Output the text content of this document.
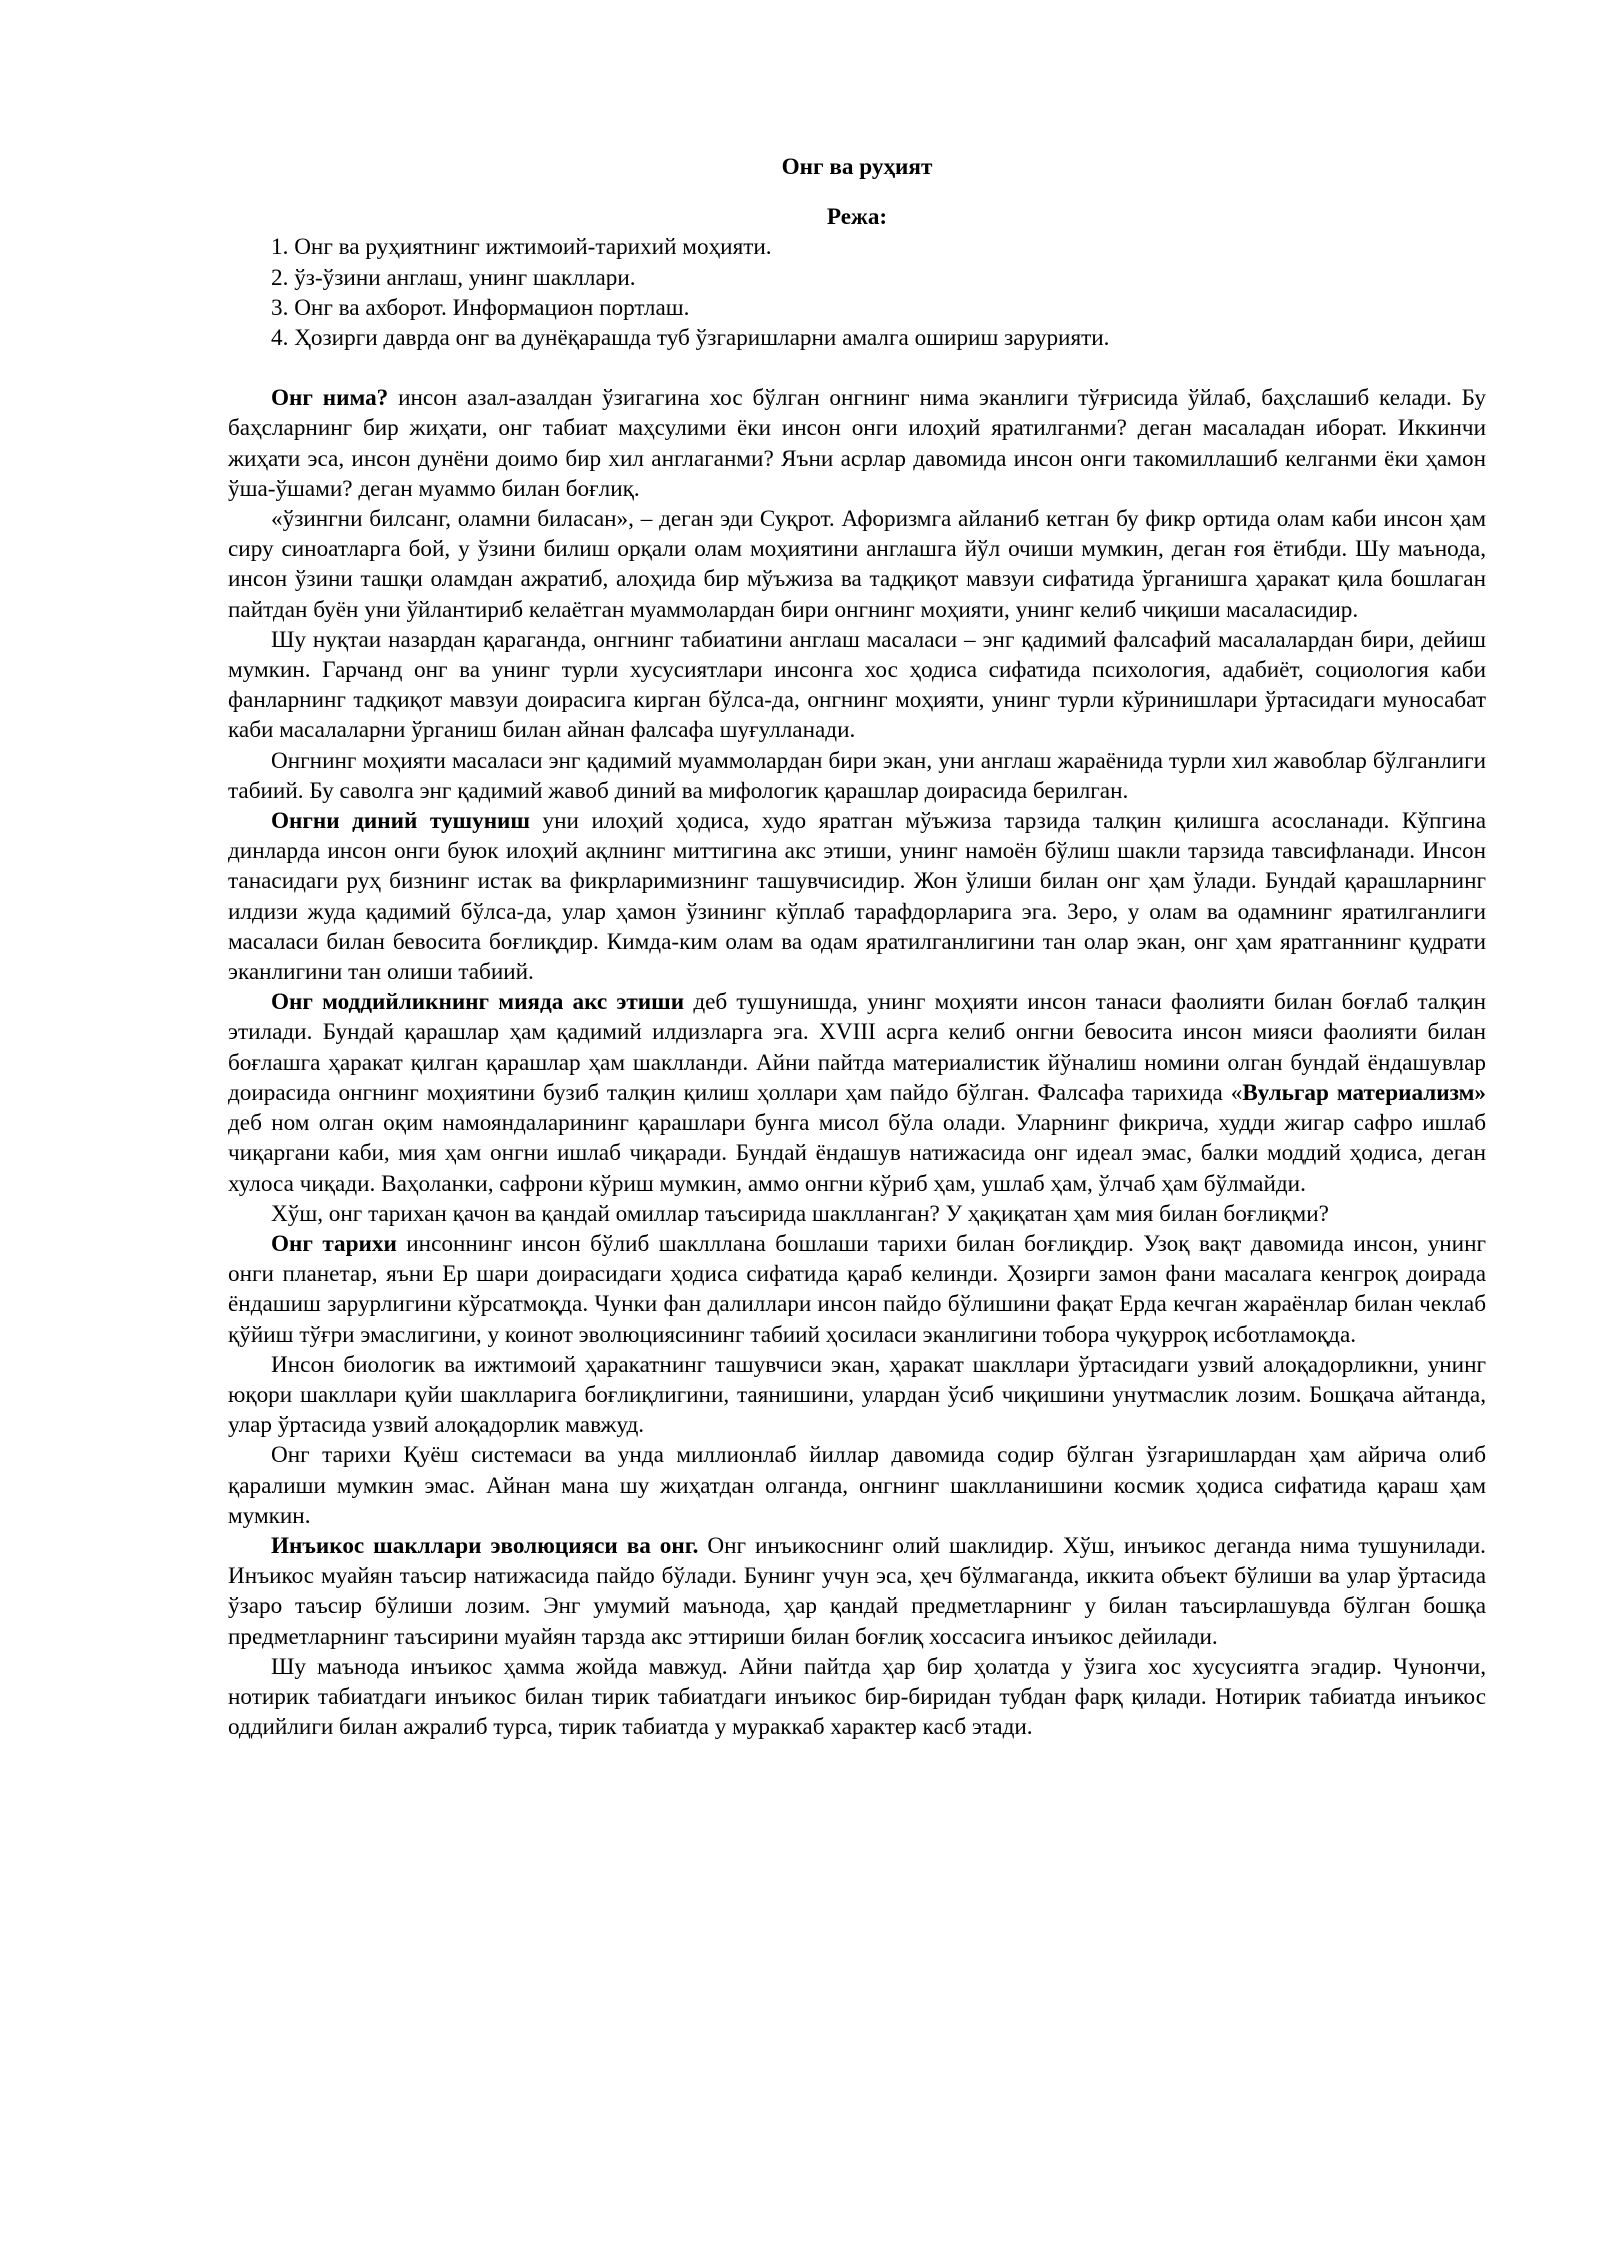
Онг ва руҳият

Режа:

1. Онг ва руҳиятнинг ижтимоий-тарихий моҳияти.
2. ўз-ўзини англаш, унинг шакллари.
3. Онг ва ахборот. Информацион портлаш.
4. Ҳозирги даврда онг ва дунёқарашда туб ўзгаришларни амалга ошириш зарурияти.

Онг нима? инсон азал-азалдан ўзигагина хос бўлган онгнинг нима эканлиги тўғрисида ўйлаб, баҳслашиб келади. Бу баҳсларнинг бир жиҳати, онг табиат маҳсулими ёки инсон онги илоҳий яратилганми? деган масаладан иборат. Иккинчи жиҳати эса, инсон дунёни доимо бир хил англаганми? Яъни асрлар давомида инсон онги такомиллашиб келганми ёки ҳамон ўша-ўшами? деган муаммо билан боғлиқ.

«ўзингни билсанг, оламни биласан», – деган эди Суқрот. Афоризмга айланиб кетган бу фикр ортида олам каби инсон ҳам сиру синоатларга бой, у ўзини билиш орқали олам моҳиятини англашга йўл очиши мумкин, деган ғоя ётибди. Шу маънода, инсон ўзини ташқи оламдан ажратиб, алоҳида бир мўъжиза ва тадқиқот мавзуи сифатида ўрганишга ҳаракат қила бошлаган пайтдан буён уни ўйлантириб келаётган муаммолардан бири онгнинг моҳияти, унинг келиб чиқиши масаласидир.

Шу нуқтаи назардан қараганда, онгнинг табиатини англаш масаласи – энг қадимий фалсафий масалалардан бири, дейиш мумкин. Гарчанд онг ва унинг турли хусусиятлари инсонга хос ҳодиса сифатида психология, адабиёт, социология каби фанларнинг тадқиқот мавзуи доирасига кирган бўлса-да, онгнинг моҳияти, унинг турли кўринишлари ўртасидаги муносабат каби масалаларни ўрганиш билан айнан фалсафа шуғулланади.

Онгнинг моҳияти масаласи энг қадимий муаммолардан бири экан, уни англаш жараёнида турли хил жавоблар бўлганлиги табиий. Бу саволга энг қадимий жавоб диний ва мифологик қарашлар доирасида берилган.

Онгни диний тушуниш уни илоҳий ҳодиса, худо яратган мўъжиза тарзида талқин қилишга асосланади. Кўпгина динларда инсон онги буюк илоҳий ақлнинг миттигина акс этиши, унинг намоён бўлиш шакли тарзида тавсифланади. Инсон танасидаги руҳ бизнинг истак ва фикрларимизнинг ташувчисидир. Жон ўлиши билан онг ҳам ўлади. Бундай қарашларнинг илдизи жуда қадимий бўлса-да, улар ҳамон ўзининг кўплаб тарафдорларига эга. Зеро, у олам ва одамнинг яратилганлиги масаласи билан бевосита боғлиқдир. Кимда-ким олам ва одам яратилганлигини тан олар экан, онг ҳам яратганнинг қудрати эканлигини тан олиши табиий.

Онг моддийликнинг мияда акс этиши деб тушунишда, унинг моҳияти инсон танаси фаолияти билан боғлаб талқин этилади. Бундай қарашлар ҳам қадимий илдизларга эга. XVIII асрга келиб онгни бевосита инсон мияси фаолияти билан боғлашга ҳаракат қилган қарашлар ҳам шаклланди. Айни пайтда материалистик йўналиш номини олган бундай ёндашувлар доирасида онгнинг моҳиятини бузиб талқин қилиш ҳоллари ҳам пайдо бўлган. Фалсафа тарихида «Вульгар материализм» деб ном олган оқим намояндаларининг қарашлари бунга мисол бўла олади. Уларнинг фикрича, худди жигар сафро ишлаб чиқаргани каби, мия ҳам онгни ишлаб чиқаради. Бундай ёндашув натижасида онг идеал эмас, балки моддий ҳодиса, деган хулоса чиқади. Ваҳоланки, сафрони кўриш мумкин, аммо онгни кўриб ҳам, ушлаб ҳам, ўлчаб ҳам бўлмайди.

Хўш, онг тарихан қачон ва қандай омиллар таъсирида шаклланган? У ҳақиқатан ҳам мия билан боғлиқми?

Онг тарихи инсоннинг инсон бўлиб шаклллана бошлаши тарихи билан боғлиқдир. Узоқ вақт давомида инсон, унинг онги планетар, яъни Ер шари доирасидаги ҳодиса сифатида қараб келинди. Ҳозирги замон фани масалага кенгроқ доирада ёндашиш зарурлигини кўрсатмоқда. Чунки фан далиллари инсон пайдо бўлишини фақат Ерда кечган жараёнлар билан чеклаб қўйиш тўғри эмаслигини, у коинот эволюциясининг табиий ҳосиласи эканлигини тобора чуқурроқ исботламоқда.

Инсон биологик ва ижтимоий ҳаракатнинг ташувчиси экан, ҳаракат шакллари ўртасидаги узвий алоқадорликни, унинг юқори шакллари қуйи шаклларига боғлиқлигини, таянишини, улардан ўсиб чиқишини унутмаслик лозим. Бошқача айтанда, улар ўртасида узвий алоқадорлик мавжуд.

Онг тарихи Қуёш системаси ва унда миллионлаб йиллар давомида содир бўлган ўзгаришлардан ҳам айрича олиб қаралиши мумкин эмас. Айнан мана шу жиҳатдан олганда, онгнинг шаклланишини космик ҳодиса сифатида қараш ҳам мумкин.

Инъикос шакллари эволюцияси ва онг. Онг инъикоснинг олий шаклидир. Хўш, инъикос деганда нима тушунилади. Инъикос муайян таъсир натижасида пайдо бўлади. Бунинг учун эса, ҳеч бўлмаганда, иккита объект бўлиши ва улар ўртасида ўзаро таъсир бўлиши лозим. Энг умумий маънода, ҳар қандай предметларнинг у билан таъсирлашувда бўлган бошқа предметларнинг таъсирини муайян тарзда акс эттириши билан боғлиқ хоссасига инъикос дейилади.

Шу маънода инъикос ҳамма жойда мавжуд. Айни пайтда ҳар бир ҳолатда у ўзига хос хусусиятга эгадир. Чунончи, нотирик табиатдаги инъикос билан тирик табиатдаги инъикос бир-биридан тубдан фарқ қилади. Нотирик табиатда инъикос оддийлиги билан ажралиб турса, тирик табиатда у мураккаб характер касб этади.
